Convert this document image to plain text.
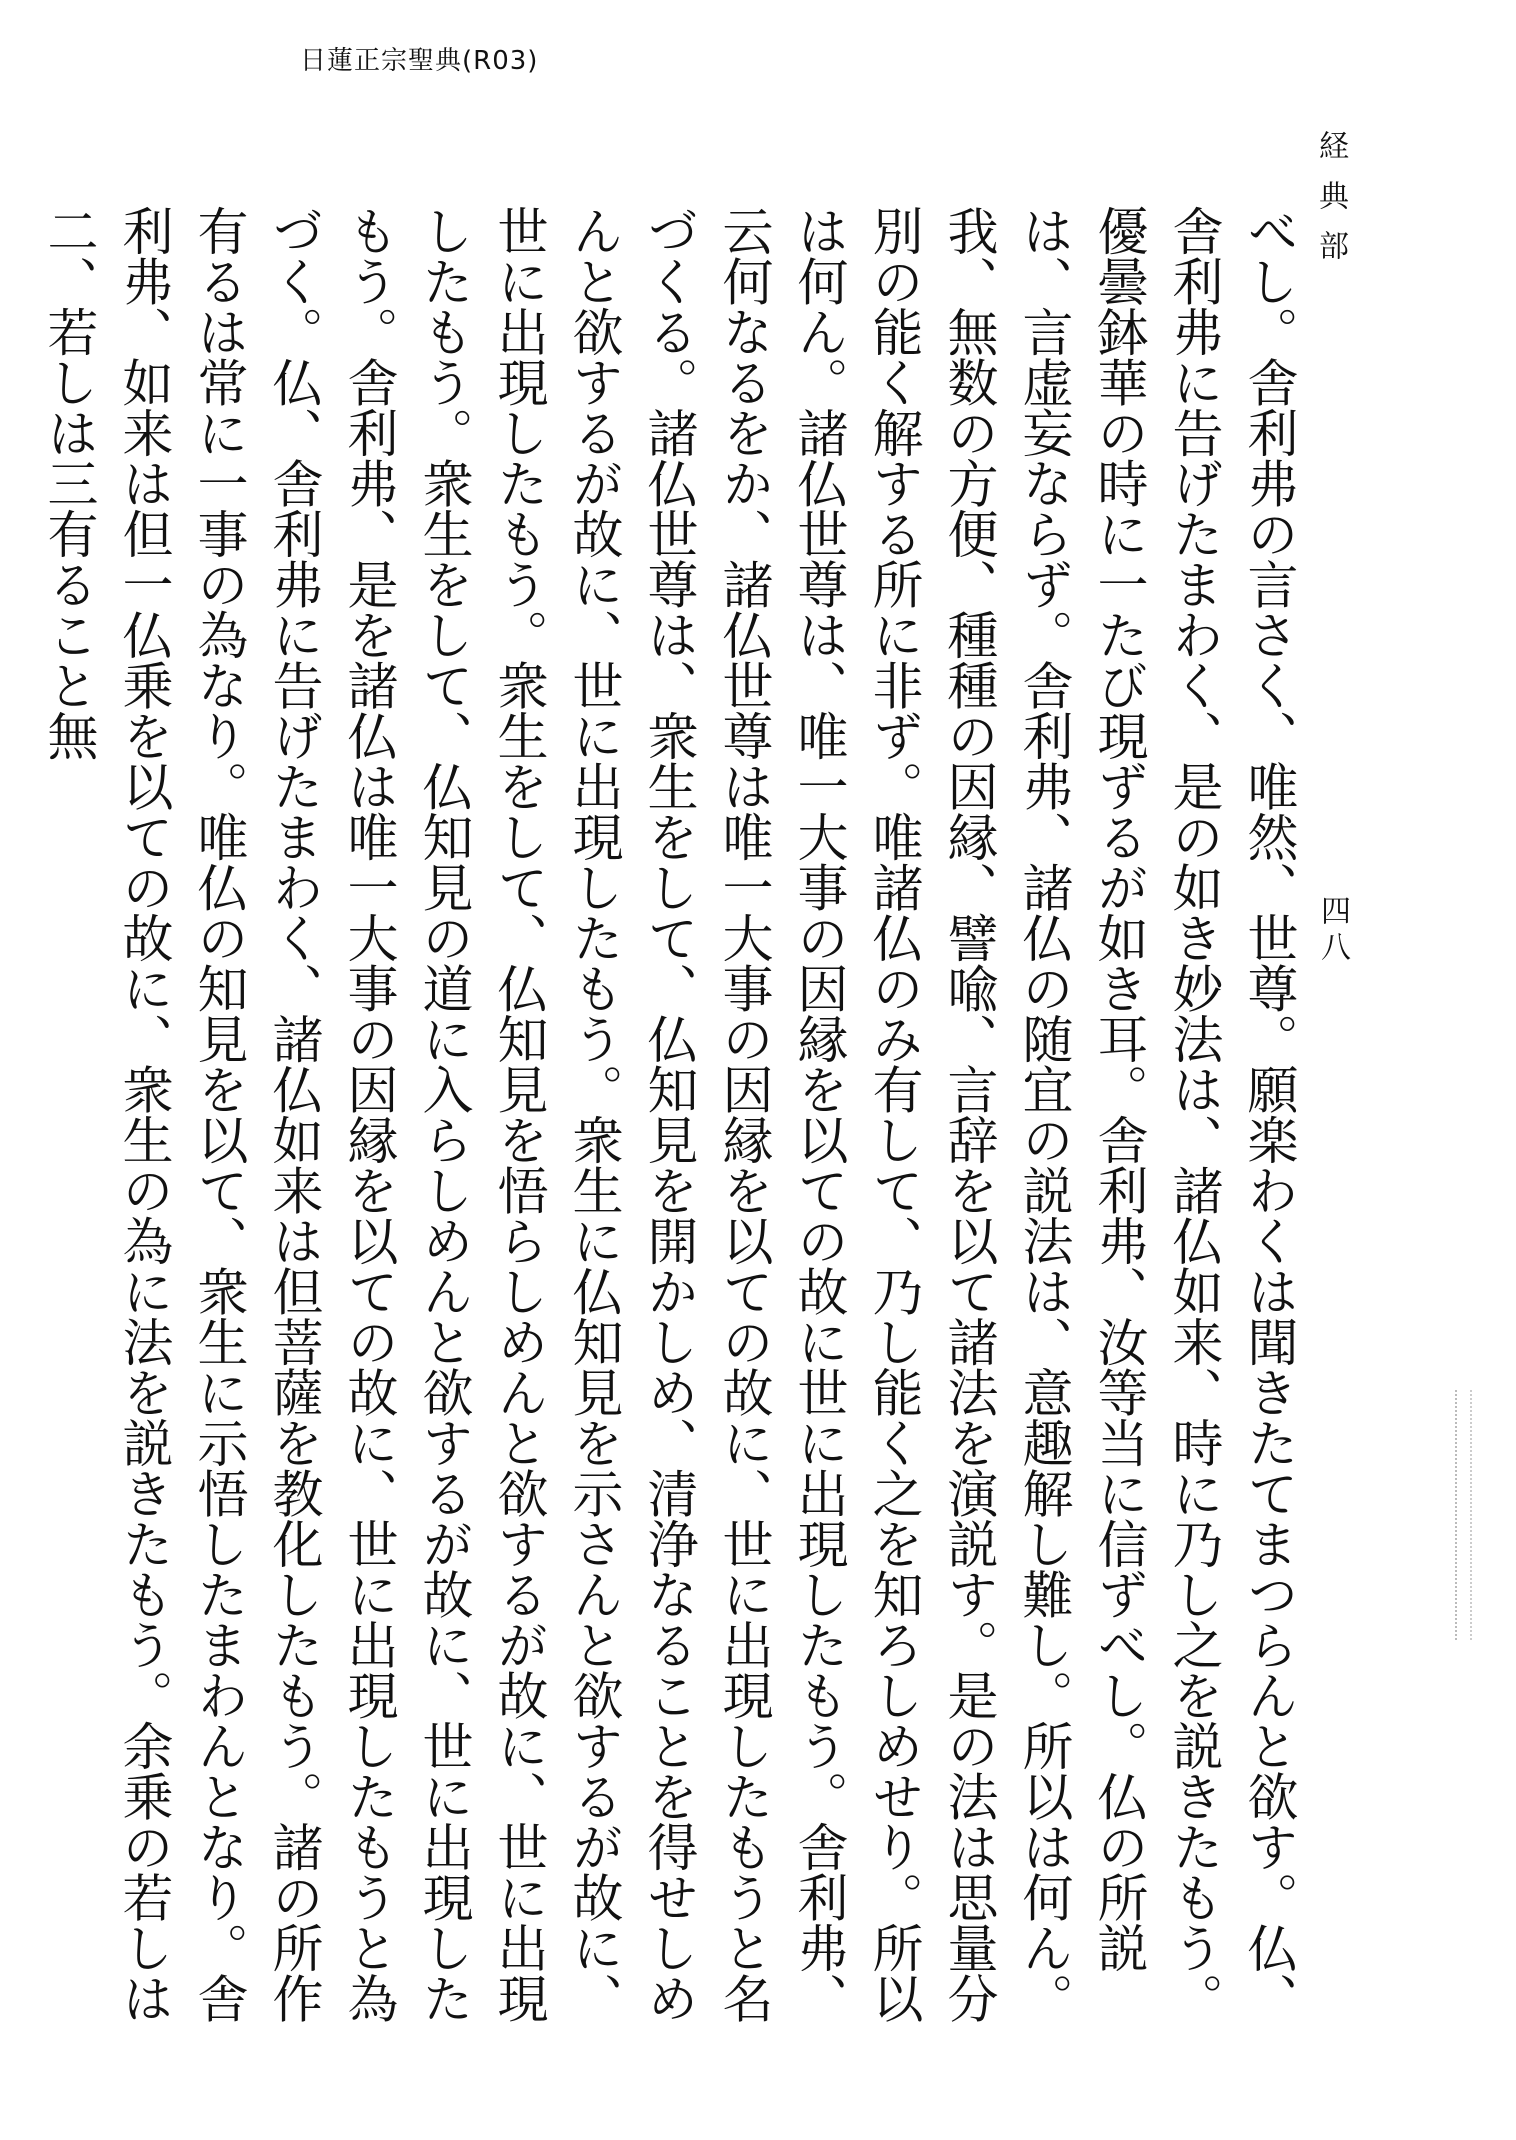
日蓮正宗聖典(R03)
経典部
四八
べし。舎利弗の言さく、唯然、世尊。願楽わくは聞きたてまつらんと欲す。仏、舎利弗に告げたまわく、是の如き妙法は、諸仏如来、時に乃し之を説きたもう。優曇鉢華の時に一たび現ずるが如き耳。舎利弗、汝等当に信ずべし。仏の所説は、言虚妄ならず。舎利弗、諸仏の随宜の説法は、意趣解し難し。所以は何ん。我、無数の方便、種種の因縁、譬喩、言辞を以て諸法を演説す。是の法は思量分別の能く解する所に非ず。唯諸仏のみ有して、乃し能く之を知ろしめせり。所以は何ん。諸仏世尊は、唯一大事の因縁を以ての故に世に出現したもう。舎利弗、云何なるをか、諸仏世尊は唯一大事の因縁を以ての故に、世に出現したもうと名づくる。諸仏世尊は、衆生をして、仏知見を開かしめ、清浄なることを得せしめんと欲するが故に、世に出現したもう。衆生に仏知見を示さんと欲するが故に、世に出現したもう。衆生をして、仏知見を悟らしめんと欲するが故に、世に出現したもう。衆生をして、仏知見の道に入らしめんと欲するが故に、世に出現したもう。舎利弗、是を諸仏は唯一大事の因縁を以ての故に、世に出現したもうと為づく。仏、舎利弗に告げたまわく、諸仏如来は但菩薩を教化したもう。諸の所作有るは常に一事の為なり。唯仏の知見を以て、衆生に示悟したまわんとなり。舎利弗、如来は但一仏乗を以ての故に、衆生の為に法を説きたもう。余乗の若しは二、若しは三有ること無
